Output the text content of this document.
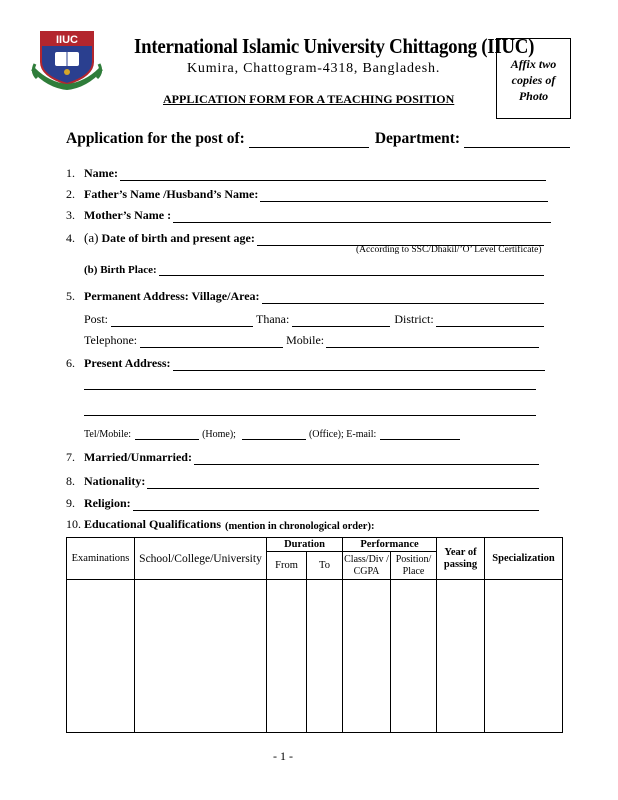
IIUC	International Islamic University Chittagong (IIUC)
Kumira, Chattogram-4318, Bangladesh.	Affix two
copies of
Photo
APPLICATION FORM FOR A TEACHING POSITION
Application for the post of:	Department:
1. Name:
2. Father’s Name /Husband’s Name:
3. Mother’s Name :
4. (a) Date of birth and present age:
(According to SSC/Dhakil/’O’ Level Certificate)
(b) Birth Place:
5. Permanent Address: Village/Area:
Post:	Thana:	District:
Telephone:	Mobile:
6. Present Address:
Tel/Mobile:	(Home);	(Office); E-mail:
7. Married/Unmarried:
8. Nationality:
9. Religion:
10. Educational Qualifications (mention in chronological order):
Examinations	School/College/University	Duration		Performance		Year of passing	Specialization
		From	To	Class/Div / CGPA	Position/ Place		

- 1 -
